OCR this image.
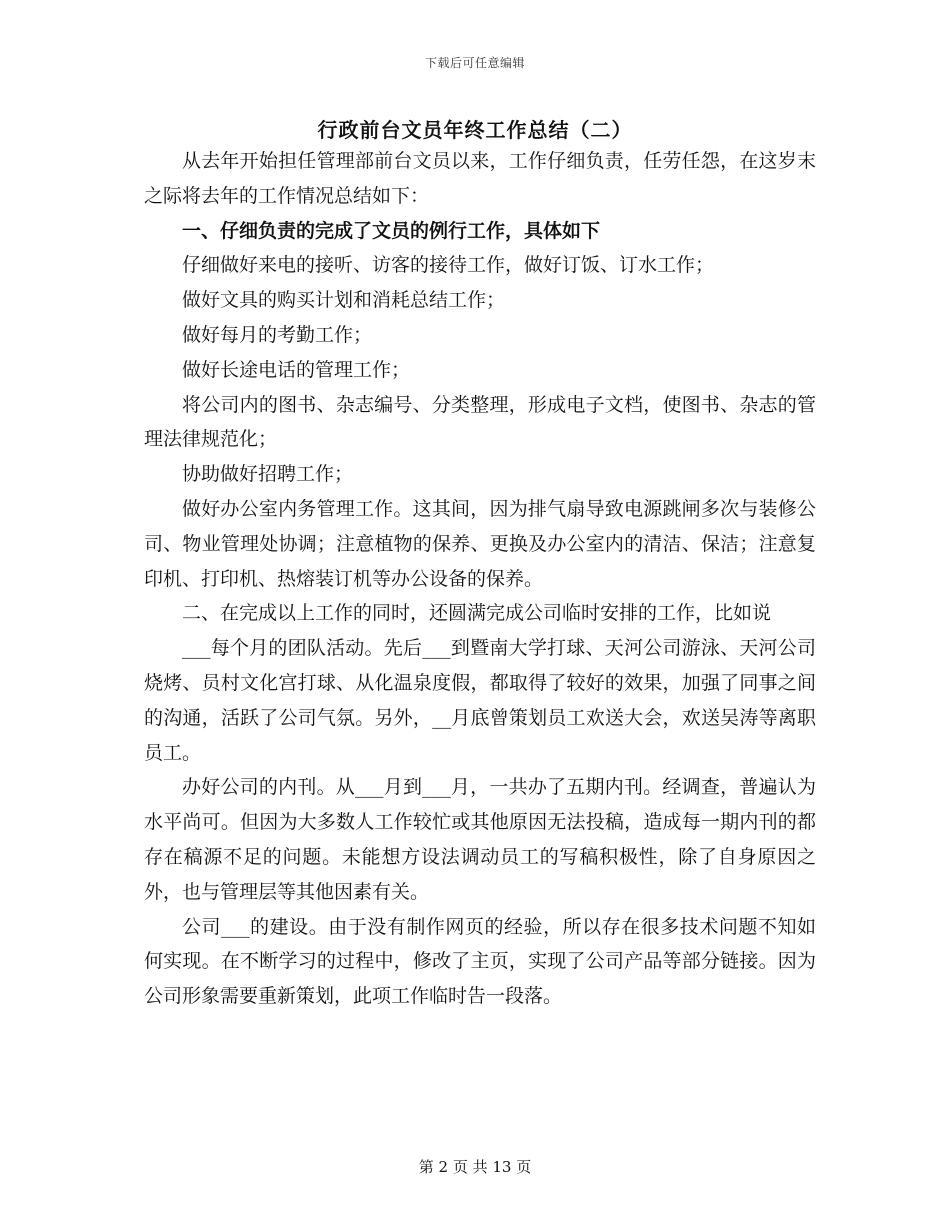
下载后可任意编辑
行政前台文员年终工作总结（二）

从去年开始担任管理部前台文员以来，工作仔细负责，任劳任怨，在这岁末之际将去年的工作情况总结如下：

一、仔细负责的完成了文员的例行工作，具体如下

仔细做好来电的接听、访客的接待工作，做好订饭、订水工作；

做好文具的购买计划和消耗总结工作；

做好每月的考勤工作；

做好长途电话的管理工作；

将公司内的图书、杂志编号、分类整理，形成电子文档，使图书、杂志的管理法律规范化；

协助做好招聘工作；

做好办公室内务管理工作。这其间，因为排气扇导致电源跳闸多次与装修公司、物业管理处协调；注意植物的保养、更换及办公室内的清洁、保洁；注意复印机、打印机、热熔装订机等办公设备的保养。

二、在完成以上工作的同时，还圆满完成公司临时安排的工作，比如说

___每个月的团队活动。先后___到暨南大学打球、天河公司游泳、天河公司烧烤、员村文化宫打球、从化温泉度假，都取得了较好的效果，加强了同事之间的沟通，活跃了公司气氛。另外，__月底曾策划员工欢送大会，欢送吴涛等离职员工。

办好公司的内刊。从___月到___月，一共办了五期内刊。经调查，普遍认为水平尚可。但因为大多数人工作较忙或其他原因无法投稿，造成每一期内刊的都存在稿源不足的问题。未能想方设法调动员工的写稿积极性，除了自身原因之外，也与管理层等其他因素有关。

公司___的建设。由于没有制作网页的经验，所以存在很多技术问题不知如何实现。在不断学习的过程中，修改了主页，实现了公司产品等部分链接。因为公司形象需要重新策划，此项工作临时告一段落。

第 2 页 共 13 页
